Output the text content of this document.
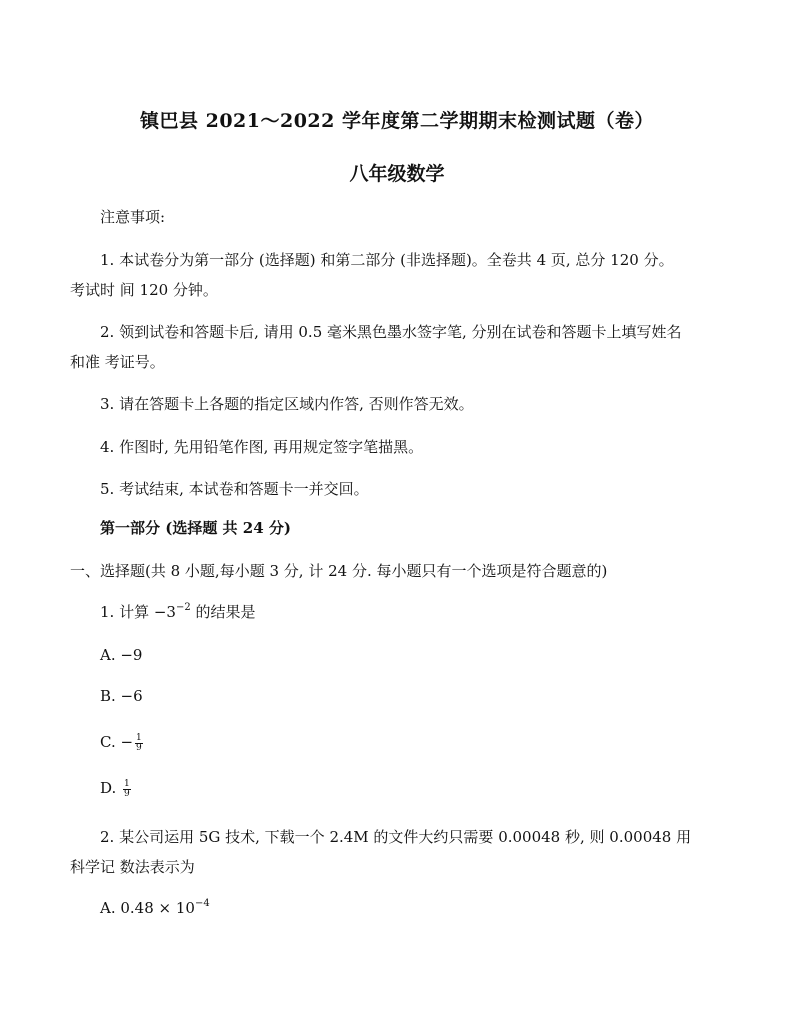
镇巴县 2021～2022 学年度第二学期期末检测试题（卷）
八年级数学
注意事项:
1. 本试卷分为第一部分 (选择题) 和第二部分 (非选择题)。全卷共 4 页, 总分 120 分。
考试时 间 120 分钟。
2. 领到试卷和答题卡后, 请用 0.5 毫米黑色墨水签字笔, 分别在试卷和答题卡上填写姓名
和准 考证号。
3. 请在答题卡上各题的指定区域内作答, 否则作答无效。
4. 作图时, 先用铅笔作图, 再用规定签字笔描黑。
5. 考试结束, 本试卷和答题卡一并交回。
第一部分 (选择题 共 24 分)
一、选择题(共 8 小题,每小题 3 分, 计 24 分. 每小题只有一个选项是符合题意的)
1. 计算 $-3^{-2}$ 的结果是
A. −9
B. −6
C. − $\frac{1}{9}$
D. $\frac{1}{9}$
2. 某公司运用 5G 技术, 下载一个 2.4M 的文件大约只需要 0.00048 秒, 则 0.00048 用
科学记 数法表示为
A. $0.48 \times 10^{-4}$
